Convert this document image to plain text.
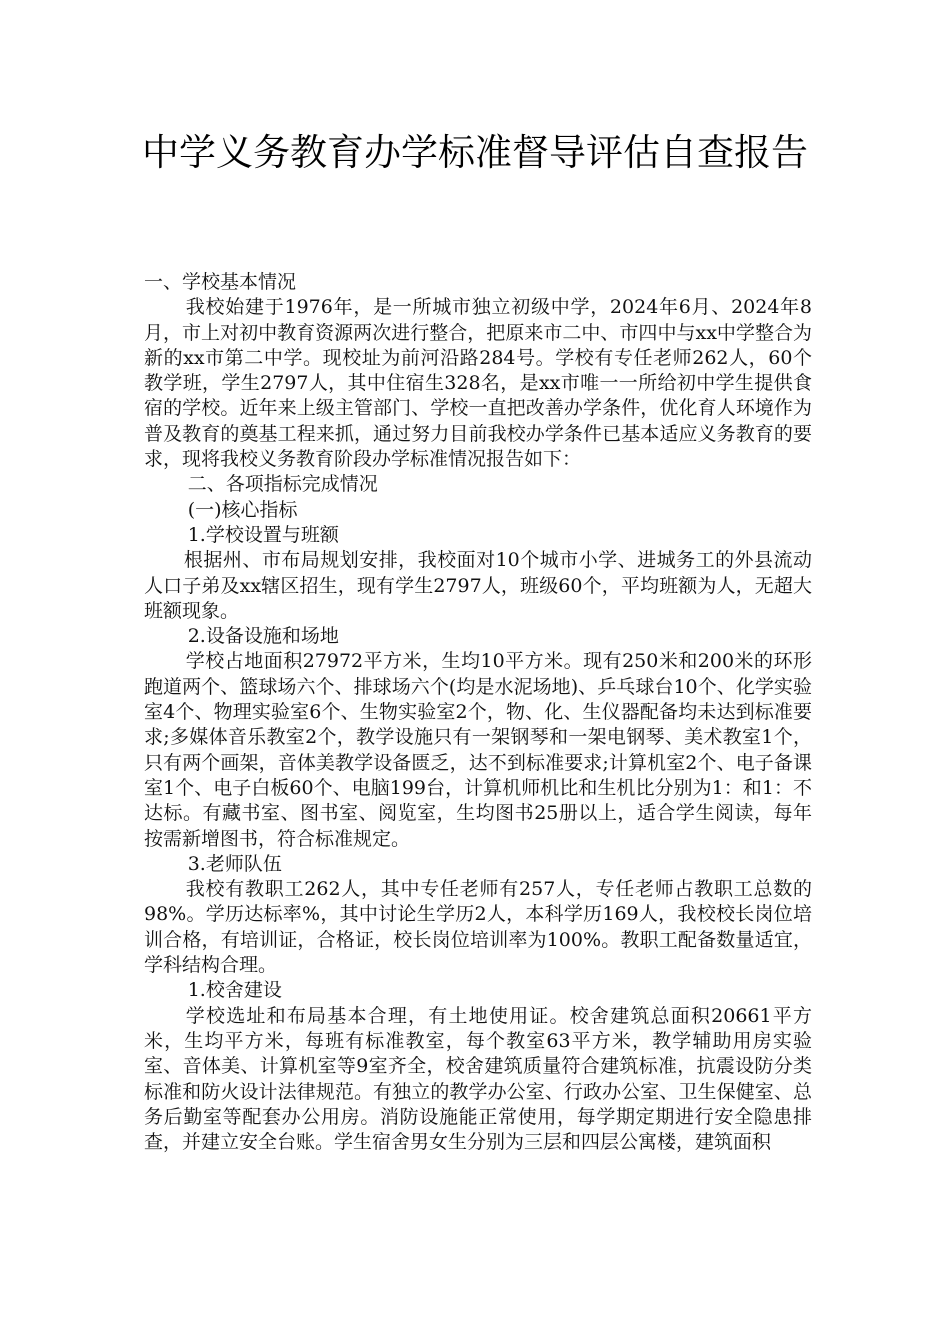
中学义务教育办学标准督导评估自查报告

一、学校基本情况

我校始建于1976年，是一所城市独立初级中学，2024年6月、2024年8月，市上对初中教育资源两次进行整合，把原来市二中、市四中与xx中学整合为新的xx市第二中学。现校址为前河沿路284号。学校有专任老师262人，60个教学班，学生2797人，其中住宿生328名，是xx市唯一一所给初中学生提供食宿的学校。近年来上级主管部门、学校一直把改善办学条件，优化育人环境作为普及教育的奠基工程来抓，通过努力目前我校办学条件已基本适应义务教育的要求，现将我校义务教育阶段办学标准情况报告如下：

二、各项指标完成情况

(一)核心指标

1.学校设置与班额

根据州、市布局规划安排，我校面对10个城市小学、进城务工的外县流动人口子弟及xx辖区招生，现有学生2797人，班级60个，平均班额为人，无超大班额现象。

2.设备设施和场地

学校占地面积27972平方米，生均10平方米。现有250米和200米的环形跑道两个、篮球场六个、排球场六个(均是水泥场地)、乒乓球台10个、化学实验室4个、物理实验室6个、生物实验室2个，物、化、生仪器配备均未达到标准要求;多媒体音乐教室2个，教学设施只有一架钢琴和一架电钢琴、美术教室1个，只有两个画架，音体美教学设备匮乏，达不到标准要求;计算机室2个、电子备课室1个、电子白板60个、电脑199台，计算机师机比和生机比分别为1：和1：不达标。有藏书室、图书室、阅览室，生均图书25册以上，适合学生阅读，每年按需新增图书，符合标准规定。

3.老师队伍

我校有教职工262人，其中专任老师有257人，专任老师占教职工总数的98%。学历达标率%，其中讨论生学历2人，本科学历169人，我校校长岗位培训合格，有培训证，合格证，校长岗位培训率为100%。教职工配备数量适宜，学科结构合理。

1.校舍建设

学校选址和布局基本合理，有土地使用证。校舍建筑总面积20661平方米，生均平方米，每班有标准教室，每个教室63平方米，教学辅助用房实验室、音体美、计算机室等9室齐全，校舍建筑质量符合建筑标准，抗震设防分类标准和防火设计法律规范。有独立的教学办公室、行政办公室、卫生保健室、总务后勤室等配套办公用房。消防设施能正常使用，每学期定期进行安全隐患排查，并建立安全台账。学生宿舍男女生分别为三层和四层公寓楼，建筑面积
